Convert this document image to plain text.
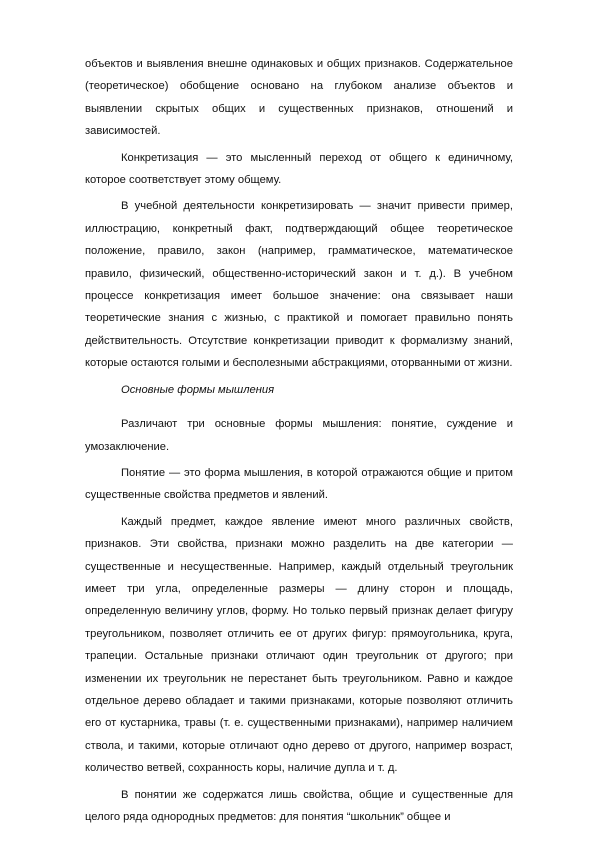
объектов и выявления внешне одинаковых и общих признаков. Содержательное (теоретическое) обобщение основано на глубоком анализе объектов и выявлении скрытых общих и существенных признаков, отношений и зависимостей.

Конкретизация — это мысленный переход от общего к единичному, которое соответствует этому общему.

В учебной деятельности конкретизировать — значит привести пример, иллюстрацию, конкретный факт, подтверждающий общее теоретическое положение, правило, закон (например, грамматическое, математическое правило, физический, общественно-исторический закон и т. д.). В учебном процессе конкретизация имеет большое значение: она связывает наши теоретические знания с жизнью, с практикой и помогает правильно понять действительность. Отсутствие конкретизации приводит к формализму знаний, которые остаются голыми и бесполезными абстракциями, оторванными от жизни.

Основные формы мышления

Различают три основные формы мышления: понятие, суждение и умозаключение.

Понятие — это форма мышления, в которой отражаются общие и притом существенные свойства предметов и явлений.

Каждый предмет, каждое явление имеют много различных свойств, признаков. Эти свойства, признаки можно разделить на две категории — существенные и несущественные. Например, каждый отдельный треугольник имеет три угла, определенные размеры — длину сторон и площадь, определенную величину углов, форму. Но только первый признак делает фигуру треугольником, позволяет отличить ее от других фигур: прямоугольника, круга, трапеции. Остальные признаки отличают один треугольник от другого; при изменении их треугольник не перестанет быть треугольником. Равно и каждое отдельное дерево обладает и такими признаками, которые позволяют отличить его от кустарника, травы (т. е. существенными признаками), например наличием ствола, и такими, которые отличают одно дерево от другого, например возраст, количество ветвей, сохранность коры, наличие дупла и т. д.

В понятии же содержатся лишь свойства, общие и существенные для целого ряда однородных предметов: для понятия “школьник” общее и
